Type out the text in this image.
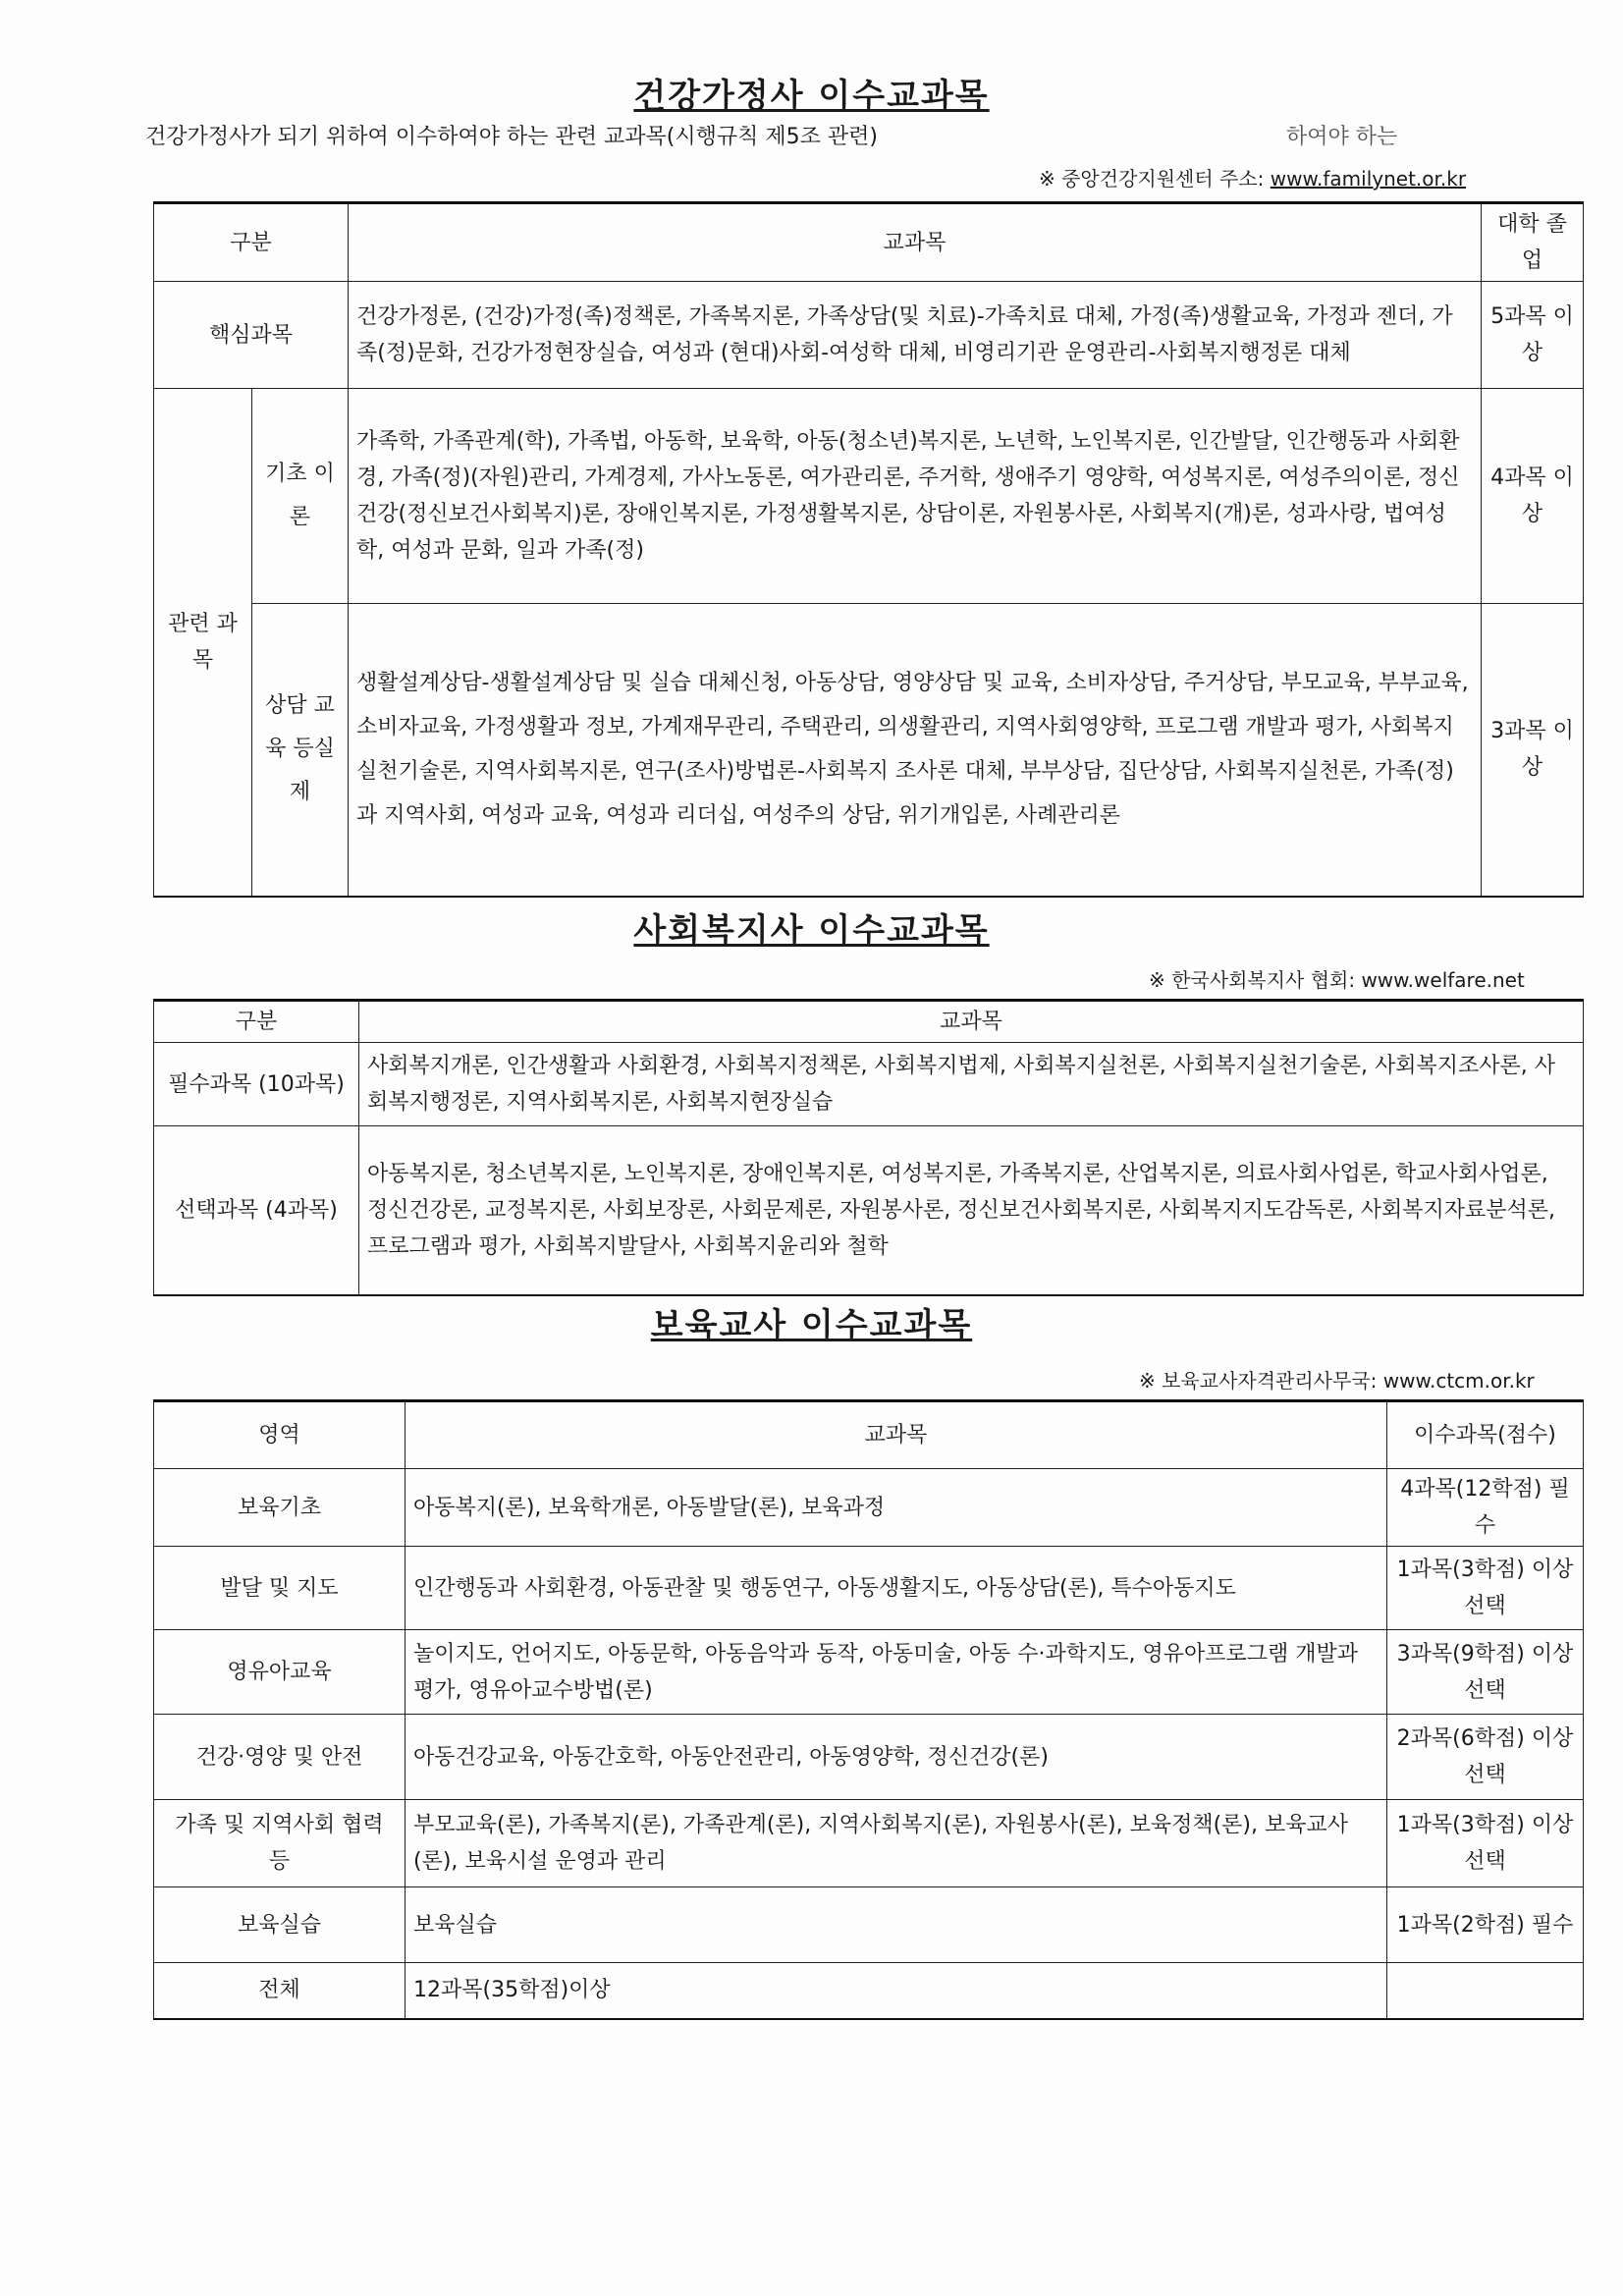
건강가정사 이수교과목
건강가정사가 되기 위하여 이수하여야 하는 관련 교과목(시행규칙 제5조 관련)	하여야 하는
※ 중앙건강지원센터 주소: www.familynet.or.kr
구분		교과목	대학 졸업
핵심과목		건강가정론, (건강)가정(족)정책론, 가족복지론, 가족상담(및 치료)-가족치료 대체, 가정(족)생활교육, 가정과 젠더, 가족(정)문화, 건강가정현장실습, 여성과 (현대)사회-여성학 대체, 비영리기관 운영관리-사회복지행정론 대체	5과목 이상
관련 과목	기초 이론	가족학, 가족관계(학), 가족법, 아동학, 보육학, 아동(청소년)복지론, 노년학, 노인복지론, 인간발달, 인간행동과 사회환경, 가족(정)(자원)관리, 가계경제, 가사노동론, 여가관리론, 주거학, 생애주기 영양학, 여성복지론, 여성주의이론, 정신건강(정신보건사회복지)론, 장애인복지론, 가정생활복지론, 상담이론, 자원봉사론, 사회복지(개)론, 성과사랑, 법여성학, 여성과 문화, 일과 가족(정)	4과목 이상
	상담 교육 등실 제	생활설계상담-생활설계상담 및 실습 대체신청, 아동상담, 영양상담 및 교육, 소비자상담, 주거상담, 부모교육, 부부교육, 소비자교육, 가정생활과 정보, 가계재무관리, 주택관리, 의생활관리, 지역사회영양학, 프로그램 개발과 평가, 사회복지실천기술론, 지역사회복지론, 연구(조사)방법론-사회복지 조사론 대체, 부부상담, 집단상담, 사회복지실천론, 가족(정)과 지역사회, 여성과 교육, 여성과 리더십, 여성주의 상담, 위기개입론, 사례관리론	3과목 이상
사회복지사 이수교과목
※ 한국사회복지사 협회: www.welfare.net
구분	교과목
필수과목 (10과목)	사회복지개론, 인간생활과 사회환경, 사회복지정책론, 사회복지법제, 사회복지실천론, 사회복지실천기술론, 사회복지조사론, 사회복지행정론, 지역사회복지론, 사회복지현장실습
선택과목 (4과목)	아동복지론, 청소년복지론, 노인복지론, 장애인복지론, 여성복지론, 가족복지론, 산업복지론, 의료사회사업론, 학교사회사업론, 정신건강론, 교정복지론, 사회보장론, 사회문제론, 자원봉사론, 정신보건사회복지론, 사회복지지도감독론, 사회복지자료분석론, 프로그램과 평가, 사회복지발달사, 사회복지윤리와 철학
보육교사 이수교과목
※ 보육교사자격관리사무국: www.ctcm.or.kr
영역	교과목	이수과목(점수)
보육기초	아동복지(론), 보육학개론, 아동발달(론), 보육과정	4과목(12학점) 필수
발달 및 지도	인간행동과 사회환경, 아동관찰 및 행동연구, 아동생활지도, 아동상담(론), 특수아동지도	1과목(3학점) 이상 선택
영유아교육	놀이지도, 언어지도, 아동문학, 아동음악과 동작, 아동미술, 아동 수·과학지도, 영유아프로그램 개발과 평가, 영유아교수방법(론)	3과목(9학점) 이상 선택
건강·영양 및 안전	아동건강교육, 아동간호학, 아동안전관리, 아동영양학, 정신건강(론)	2과목(6학점) 이상 선택
가족 및 지역사회 협력 등	부모교육(론), 가족복지(론), 가족관계(론), 지역사회복지(론), 자원봉사(론), 보육정책(론), 보육교사(론), 보육시설 운영과 관리	1과목(3학점) 이상 선택
보육실습	보육실습	1과목(2학점) 필수
전체	12과목(35학점)이상	
